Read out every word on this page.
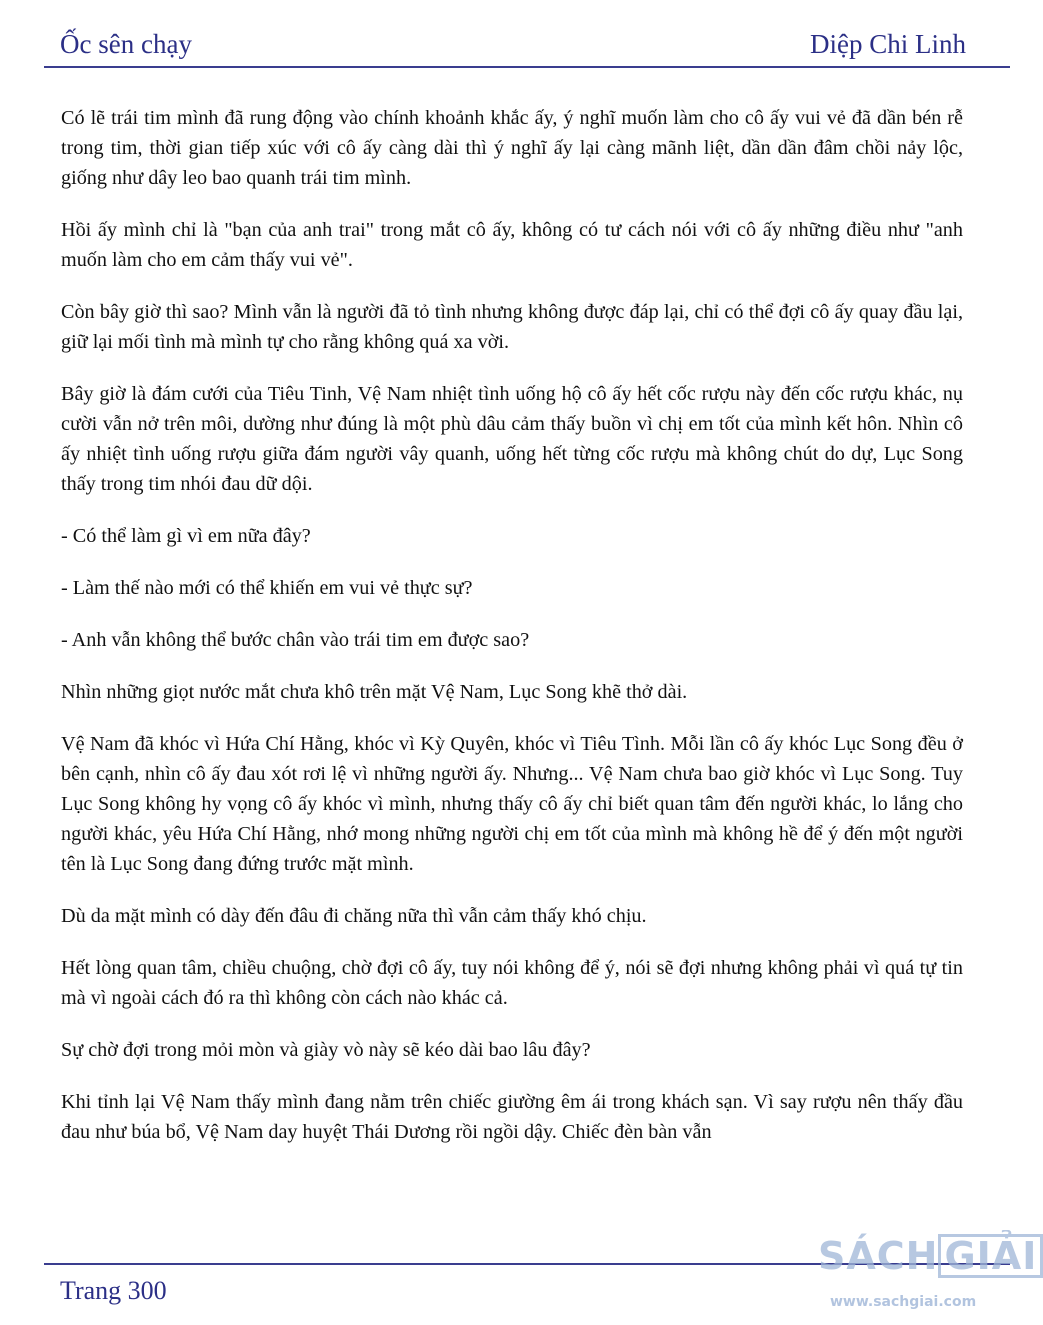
Ốc sên chạy	Diệp Chi Linh

Có lẽ trái tim mình đã rung động vào chính khoảnh khắc ấy, ý nghĩ muốn làm cho cô ấy vui vẻ đã dần bén rễ trong tim, thời gian tiếp xúc với cô ấy càng dài thì ý nghĩ ấy lại càng mãnh liệt, dần dần đâm chồi nảy lộc, giống như dây leo bao quanh trái tim mình.

Hồi ấy mình chỉ là "bạn của anh trai" trong mắt cô ấy, không có tư cách nói với cô ấy những điều như "anh muốn làm cho em cảm thấy vui vẻ".

Còn bây giờ thì sao? Mình vẫn là người đã tỏ tình nhưng không được đáp lại, chỉ có thể đợi cô ấy quay đầu lại, giữ lại mối tình mà mình tự cho rằng không quá xa vời.

Bây giờ là đám cưới của Tiêu Tinh, Vệ Nam nhiệt tình uống hộ cô ấy hết cốc rượu này đến cốc rượu khác, nụ cười vẫn nở trên môi, dường như đúng là một phù dâu cảm thấy buồn vì chị em tốt của mình kết hôn. Nhìn cô ấy nhiệt tình uống rượu giữa đám người vây quanh, uống hết từng cốc rượu mà không chút do dự, Lục Song thấy trong tim nhói đau dữ dội.

- Có thể làm gì vì em nữa đây?

- Làm thế nào mới có thể khiến em vui vẻ thực sự?

- Anh vẫn không thể bước chân vào trái tim em được sao?

Nhìn những giọt nước mắt chưa khô trên mặt Vệ Nam, Lục Song khẽ thở dài.

Vệ Nam đã khóc vì Hứa Chí Hằng, khóc vì Kỳ Quyên, khóc vì Tiêu Tình. Mỗi lần cô ấy khóc Lục Song đều ở bên cạnh, nhìn cô ấy đau xót rơi lệ vì những người ấy. Nhưng... Vệ Nam chưa bao giờ khóc vì Lục Song. Tuy Lục Song không hy vọng cô ấy khóc vì mình, nhưng thấy cô ấy chỉ biết quan tâm đến người khác, lo lắng cho người khác, yêu Hứa Chí Hằng, nhớ mong những người chị em tốt của mình mà không hề để ý đến một người tên là Lục Song đang đứng trước mặt mình.

Dù da mặt mình có dày đến đâu đi chăng nữa thì vẫn cảm thấy khó chịu.

Hết lòng quan tâm, chiều chuộng, chờ đợi cô ấy, tuy nói không để ý, nói sẽ đợi nhưng không phải vì quá tự tin mà vì ngoài cách đó ra thì không còn cách nào khác cả.

Sự chờ đợi trong mỏi mòn và giày vò này sẽ kéo dài bao lâu đây?

Khi tỉnh lại Vệ Nam thấy mình đang nằm trên chiếc giường êm ái trong khách sạn. Vì say rượu nên thấy đầu đau như búa bổ, Vệ Nam day huyệt Thái Dương rồi ngồi dậy. Chiếc đèn bàn vẫn

Trang 300
SÁCH GIẢI
www.sachgiai.com
